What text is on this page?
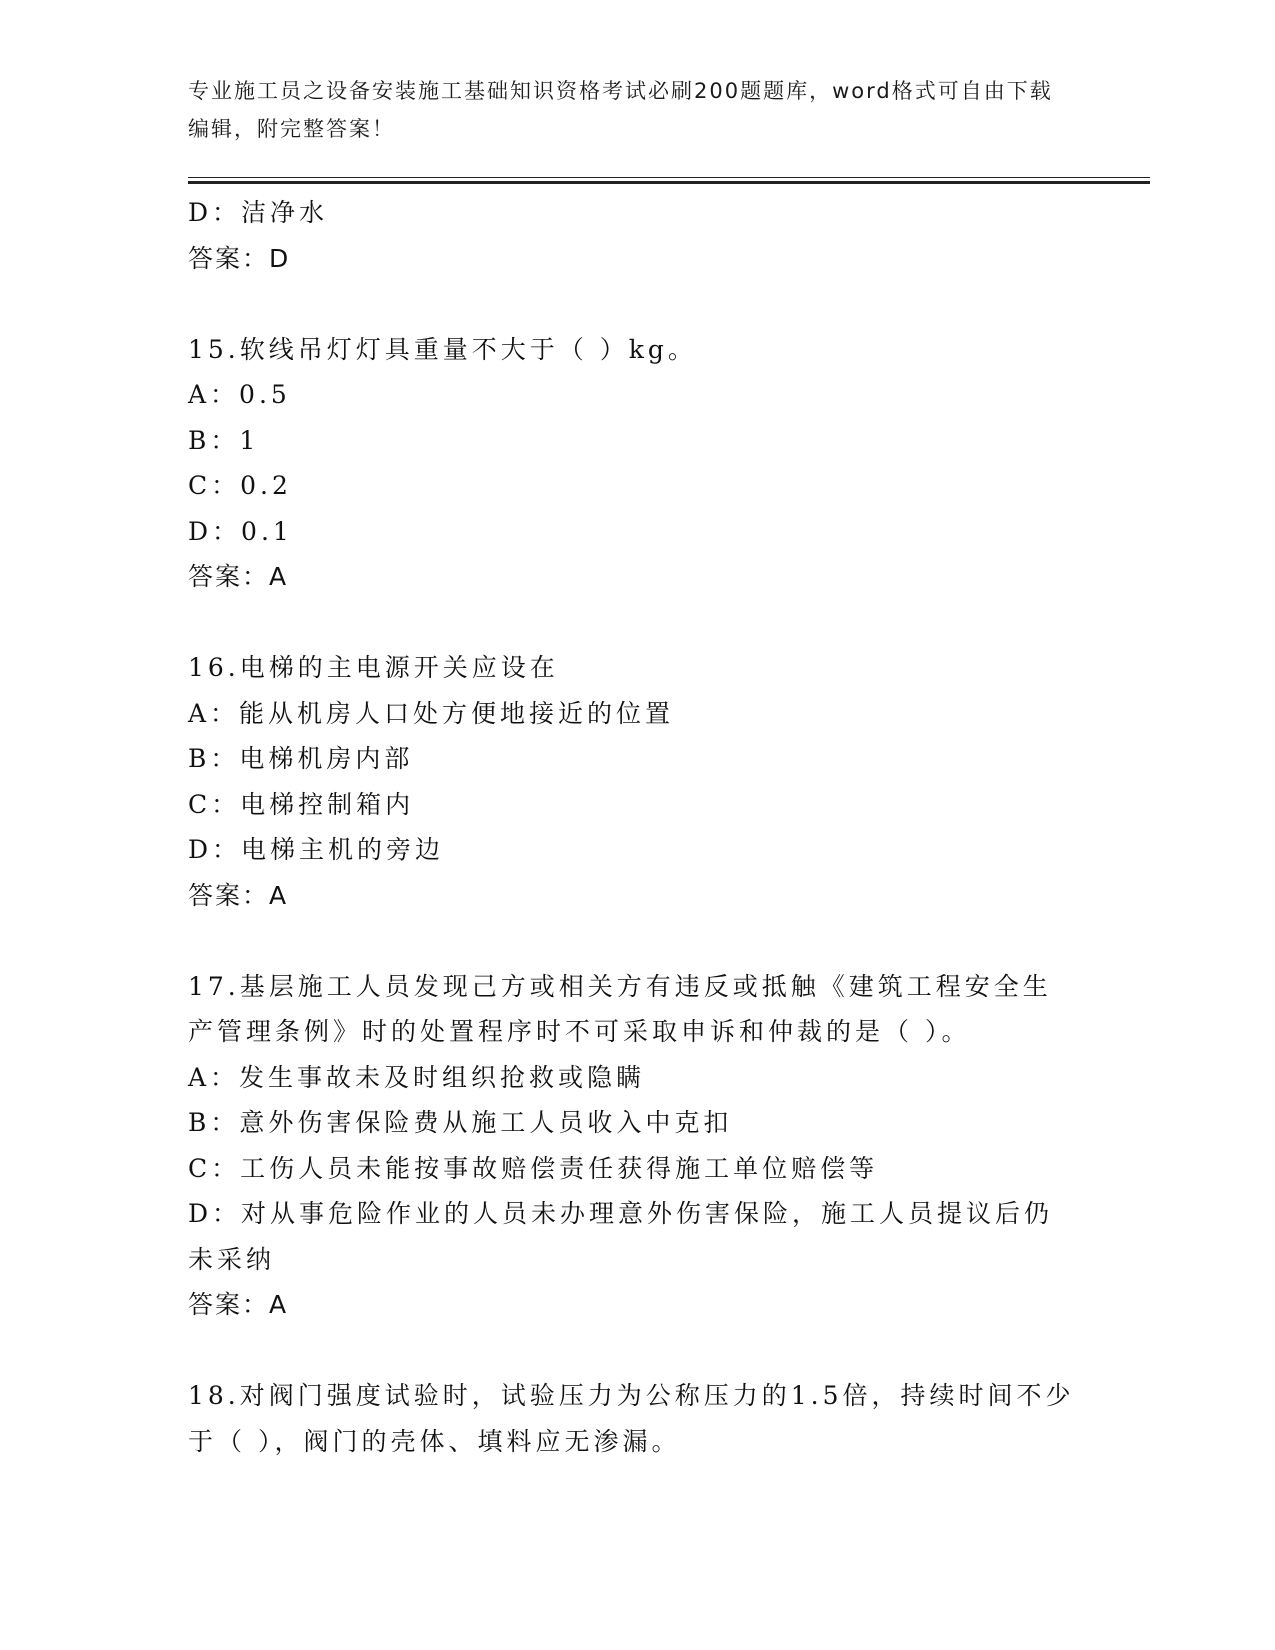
专业施工员之设备安装施工基础知识资格考试必刷200题题库，word格式可自由下载编辑，附完整答案！
D：洁净水
答案：D
15.软线吊灯灯具重量不大于（ ）kg。
A：0.5
B：1
C：0.2
D：0.1
答案：A
16.电梯的主电源开关应设在
A：能从机房人口处方便地接近的位置
B：电梯机房内部
C：电梯控制箱内
D：电梯主机的旁边
答案：A
17.基层施工人员发现己方或相关方有违反或抵触《建筑工程安全生产管理条例》时的处置程序时不可采取申诉和仲裁的是（ ）。
A：发生事故未及时组织抢救或隐瞒
B：意外伤害保险费从施工人员收入中克扣
C：工伤人员未能按事故赔偿责任获得施工单位赔偿等
D：对从事危险作业的人员未办理意外伤害保险，施工人员提议后仍未采纳
答案：A
18.对阀门强度试验时，试验压力为公称压力的1.5倍，持续时间不少于（ ），阀门的壳体、填料应无渗漏。
